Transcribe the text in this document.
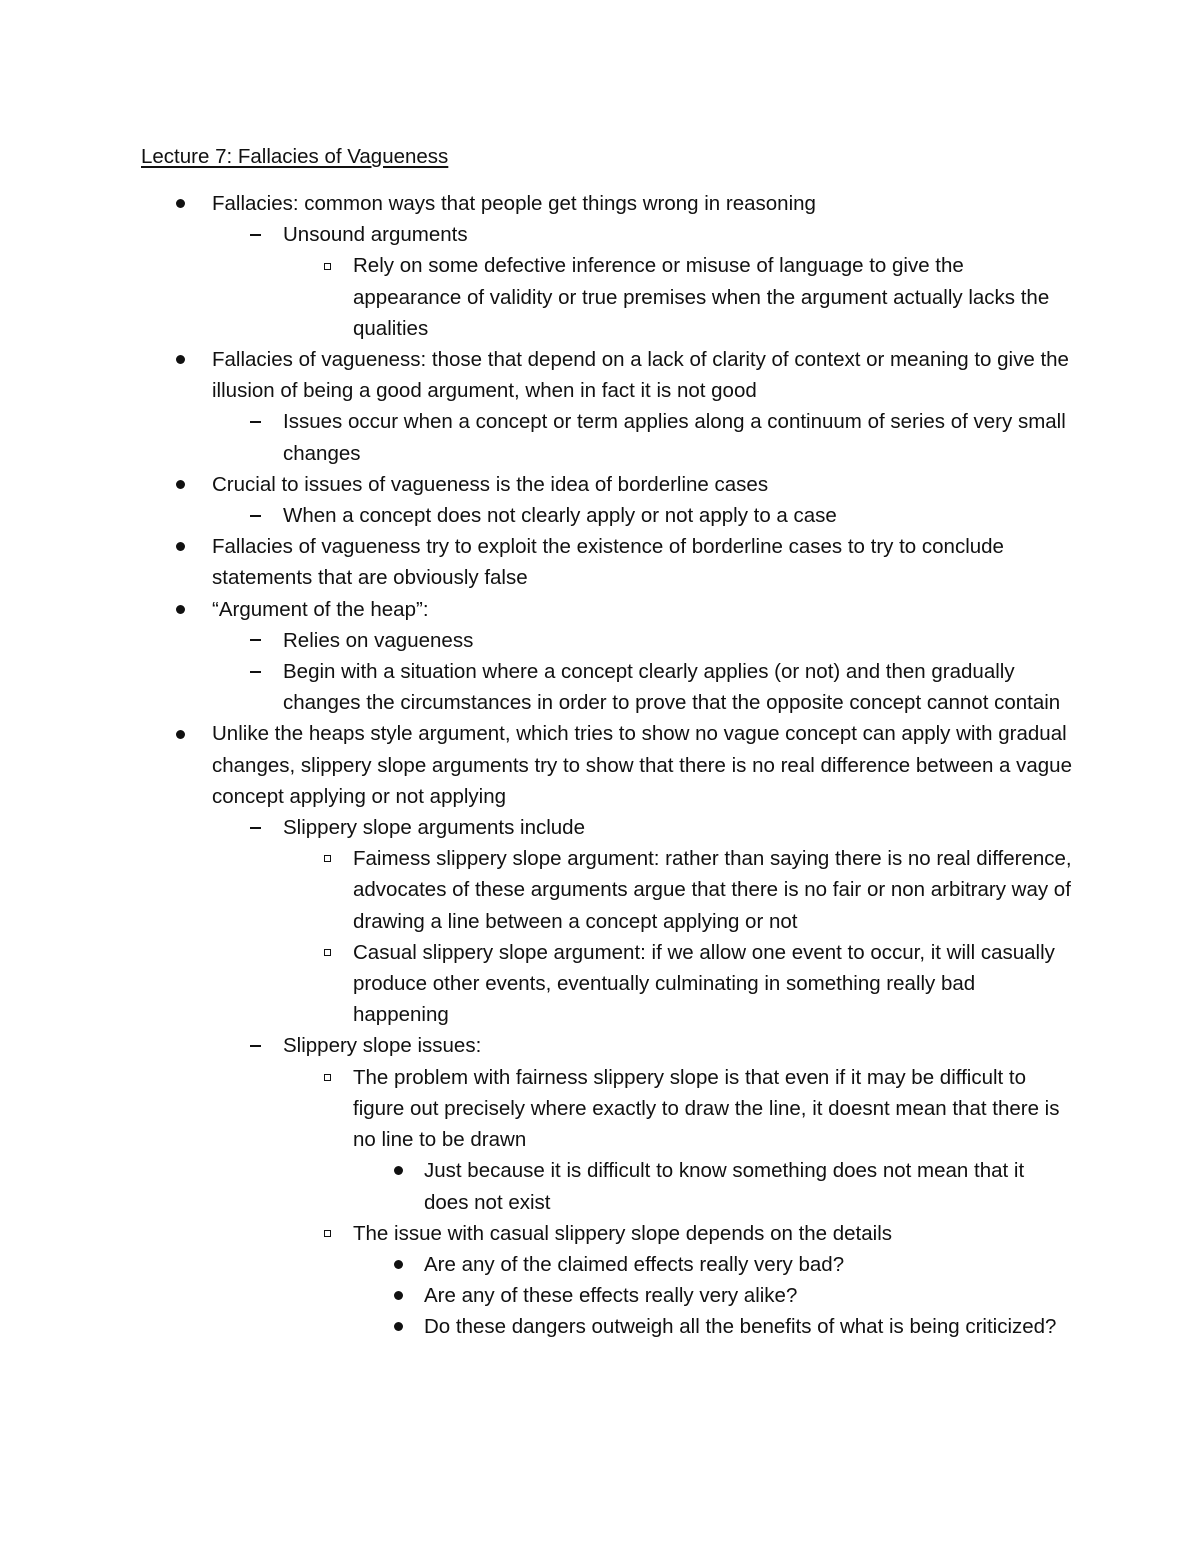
Lecture 7: Fallacies of Vagueness
Fallacies: common ways that people get things wrong in reasoning
Unsound arguments
Rely on some defective inference or misuse of language to give the appearance of validity or true premises when the argument actually lacks the qualities
Fallacies of vagueness: those that depend on a lack of clarity of context or meaning to give the illusion of being a good argument, when in fact it is not good
Issues occur when a concept or term applies along a continuum of series of very small changes
Crucial to issues of vagueness is the idea of borderline cases
When a concept does not clearly apply or not apply to a case
Fallacies of vagueness try to exploit the existence of borderline cases to try to conclude statements that are obviously false
“Argument of the heap”:
Relies on vagueness
Begin with a situation where a concept clearly applies (or not) and then gradually changes the circumstances in order to prove that the opposite concept cannot contain
Unlike the heaps style argument, which tries to show no vague concept can apply with gradual changes, slippery slope arguments try to show that there is no real difference between a vague concept applying or not applying
Slippery slope arguments include
Faimess slippery slope argument: rather than saying there is no real difference, advocates of these arguments argue that there is no fair or non arbitrary way of drawing a line between a concept applying or not
Casual slippery slope argument: if we allow one event to occur, it will casually produce other events, eventually culminating in something really bad happening
Slippery slope issues:
The problem with fairness slippery slope is that even if it may be difficult to figure out precisely where exactly to draw the line, it doesnt mean that there is no line to be drawn
Just because it is difficult to know something does not mean that it does not exist
The issue with casual slippery slope depends on the details
Are any of the claimed effects really very bad?
Are any of these effects really very alike?
Do these dangers outweigh all the benefits of what is being criticized?
